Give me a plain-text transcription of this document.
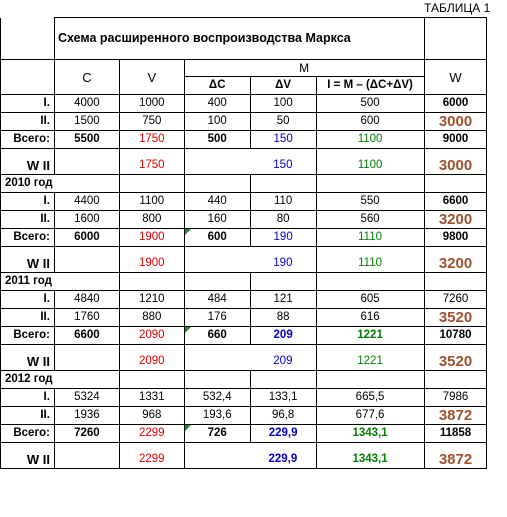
						ТАБЛИЦА 1	
	Схема расширенного воспроизводства Маркса						
	C	V	M			W	
			ΔC	ΔV	I = M – (ΔC+ΔV)		
I.	4000	1000	400	100	500	6000	
II.	1500	750	100	50	600	3000	
Всего:	5500	1750	500	150	1100	9000	

W II		1750		150	1100	3000	
2010 год							
I.	4400	1100	440	110	550	6600	
II.	1600	800	160	80	560	3200	
Всего:	6000	1900	600	190	1110	9800	

W II		1900		190	1110	3200	
2011 год							
I.	4840	1210	484	121	605	7260	
II.	1760	880	176	88	616	3520	
Всего:	6600	2090	660	209	1221	10780	

W II		2090		209	1221	3520	
2012 год							
I.	5324	1331	532,4	133,1	665,5	7986	
II.	1936	968	193,6	96,8	677,6	3872	
Всего:	7260	2299	726	229,9	1343,1	11858	

W II		2299		229,9	1343,1	3872	
